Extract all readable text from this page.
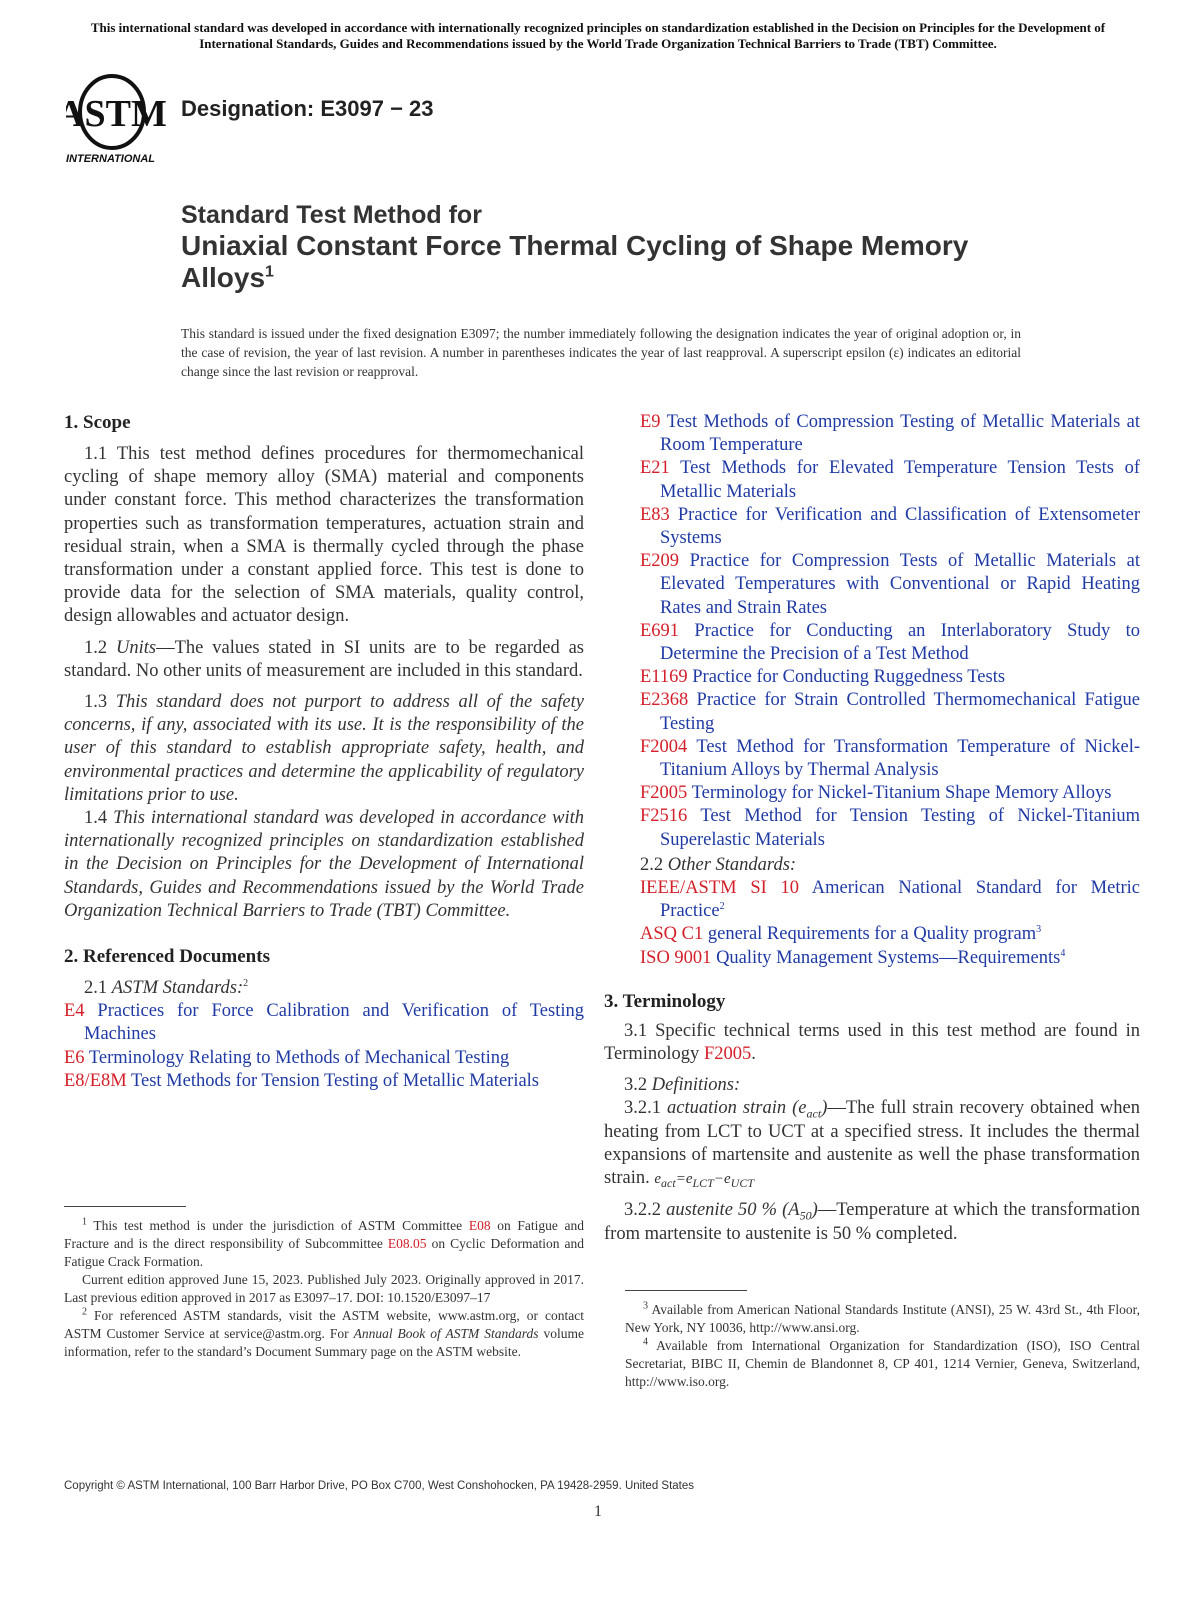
This international standard was developed in accordance with internationally recognized principles on standardization established in the Decision on Principles for the Development of International Standards, Guides and Recommendations issued by the World Trade Organization Technical Barriers to Trade (TBT) Committee.
ASTM
INTERNATIONAL
Designation: E3097 − 23
Standard Test Method for
Uniaxial Constant Force Thermal Cycling of Shape Memory
Alloys$^1$
This standard is issued under the fixed designation E3097; the number immediately following the designation indicates the year of original adoption or, in the case of revision, the year of last revision. A number in parentheses indicates the year of last reapproval. A superscript epsilon (ε) indicates an editorial change since the last revision or reapproval.
1. Scope

1.1 This test method defines procedures for thermomechanical cycling of shape memory alloy (SMA) material and components under constant force. This method characterizes the transformation properties such as transformation temperatures, actuation strain and residual strain, when a SMA is thermally cycled through the phase transformation under a constant applied force. This test is done to provide data for the selection of SMA materials, quality control, design allowables and actuator design.

1.2 Units—The values stated in SI units are to be regarded as standard. No other units of measurement are included in this standard.

1.3 This standard does not purport to address all of the safety concerns, if any, associated with its use. It is the responsibility of the user of this standard to establish appropriate safety, health, and environmental practices and determine the applicability of regulatory limitations prior to use.

1.4 This international standard was developed in accordance with internationally recognized principles on standardization established in the Decision on Principles for the Development of International Standards, Guides and Recommendations issued by the World Trade Organization Technical Barriers to Trade (TBT) Committee.

2. Referenced Documents

2.1 ASTM Standards:$^2$

E4 Practices for Force Calibration and Verification of Testing Machines

E6 Terminology Relating to Methods of Mechanical Testing

E8/E8M Test Methods for Tension Testing of Metallic Materials

$^1$ This test method is under the jurisdiction of ASTM Committee E08 on Fatigue and Fracture and is the direct responsibility of Subcommittee E08.05 on Cyclic Deformation and Fatigue Crack Formation.

Current edition approved June 15, 2023. Published July 2023. Originally approved in 2017. Last previous edition approved in 2017 as E3097–17. DOI: 10.1520/E3097–17

$^2$ For referenced ASTM standards, visit the ASTM website, www.astm.org, or contact ASTM Customer Service at service@astm.org. For Annual Book of ASTM Standards volume information, refer to the standard’s Document Summary page on the ASTM website.

E9 Test Methods of Compression Testing of Metallic Materials at Room Temperature

E21 Test Methods for Elevated Temperature Tension Tests of Metallic Materials

E83 Practice for Verification and Classification of Extensometer Systems

E209 Practice for Compression Tests of Metallic Materials at Elevated Temperatures with Conventional or Rapid Heating Rates and Strain Rates

E691 Practice for Conducting an Interlaboratory Study to Determine the Precision of a Test Method

E1169 Practice for Conducting Ruggedness Tests

E2368 Practice for Strain Controlled Thermomechanical Fatigue Testing

F2004 Test Method for Transformation Temperature of Nickel-Titanium Alloys by Thermal Analysis

F2005 Terminology for Nickel-Titanium Shape Memory Alloys

F2516 Test Method for Tension Testing of Nickel-Titanium Superelastic Materials

2.2 Other Standards:

IEEE/ASTM SI 10 American National Standard for Metric Practice$^2$

ASQ C1 general Requirements for a Quality program$^3$

ISO 9001 Quality Management Systems—Requirements$^4$

3. Terminology

3.1 Specific technical terms used in this test method are found in Terminology F2005.

3.2 Definitions:

3.2.1 actuation strain $(e_{act})—The$ full strain recovery obtained when heating from LCT to UCT at a specified stress. It includes the thermal expansions of martensite and austenite as well the phase transformation strain. $e_{act}=e_{LCT}-e_{UCT}$

3.2.2 austenite 50 % $(A_{50})—Temperature$ at which the transformation from martensite to austenite is 50 % completed.

$^3$ Available from American National Standards Institute (ANSI), 25 W. 43rd St., 4th Floor, New York, NY 10036, http://www.ansi.org.

$^4$ Available from International Organization for Standardization (ISO), ISO Central Secretariat, BIBC II, Chemin de Blandonnet 8, CP 401, 1214 Vernier, Geneva, Switzerland, http://www.iso.org.

Copyright © ASTM International, 100 Barr Harbor Drive, PO Box C700, West Conshohocken, PA 19428-2959. United States
1
